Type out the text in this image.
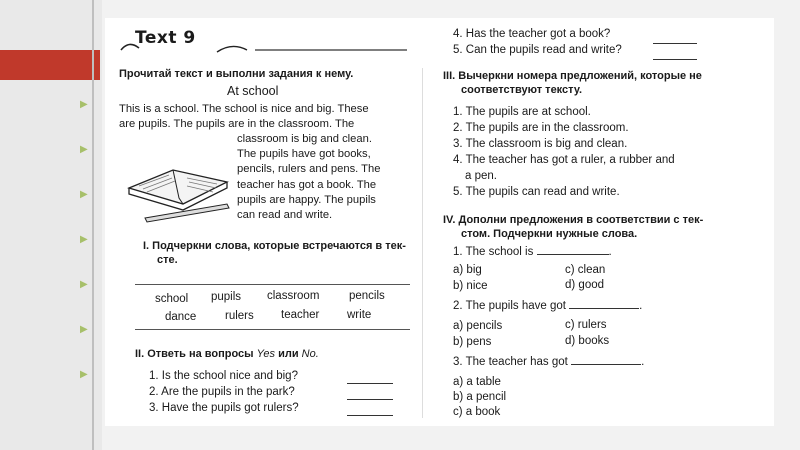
▶
▶
▶
▶
▶
▶
▶
Text 9
Прочитай текст и выполни задания к нему.
At school
This is a school. The school is nice and big. These
are pupils. The pupils are in the classroom. The
classroom is big and clean.
The pupils have got books,
pencils, rulers and pens. The
teacher has got a book. The
pupils are happy. The pupils
can read and write.
I. Подчеркни слова, которые встречаются в тек-
сте.
school pupils classroom	pencils
dance rulers teacher write
II. Ответь на вопросы Yes или No.
1. Is the school nice and big?
2. Are the pupils in the park?
3. Have the pupils got rulers?
4. Has the teacher got a book?
5. Can the pupils read and write?
III. Вычеркни номера предложений, которые не
соответствуют тексту.
1. The pupils are at school.
2. The pupils are in the classroom.
3. The classroom is big and clean.
4. The teacher has got a ruler, a rubber and
a pen.
5. The pupils can read and write.
IV. Дополни предложения в соответствии с тек-
стом. Подчеркни нужные слова.
1. The school is	.
a) big
b) nice
c) clean
d) good
2. The pupils have got	.
a) pencils
b) pens
c) rulers
d) books
3. The teacher has got	.
a) a table
b) a pencil
c) a book
